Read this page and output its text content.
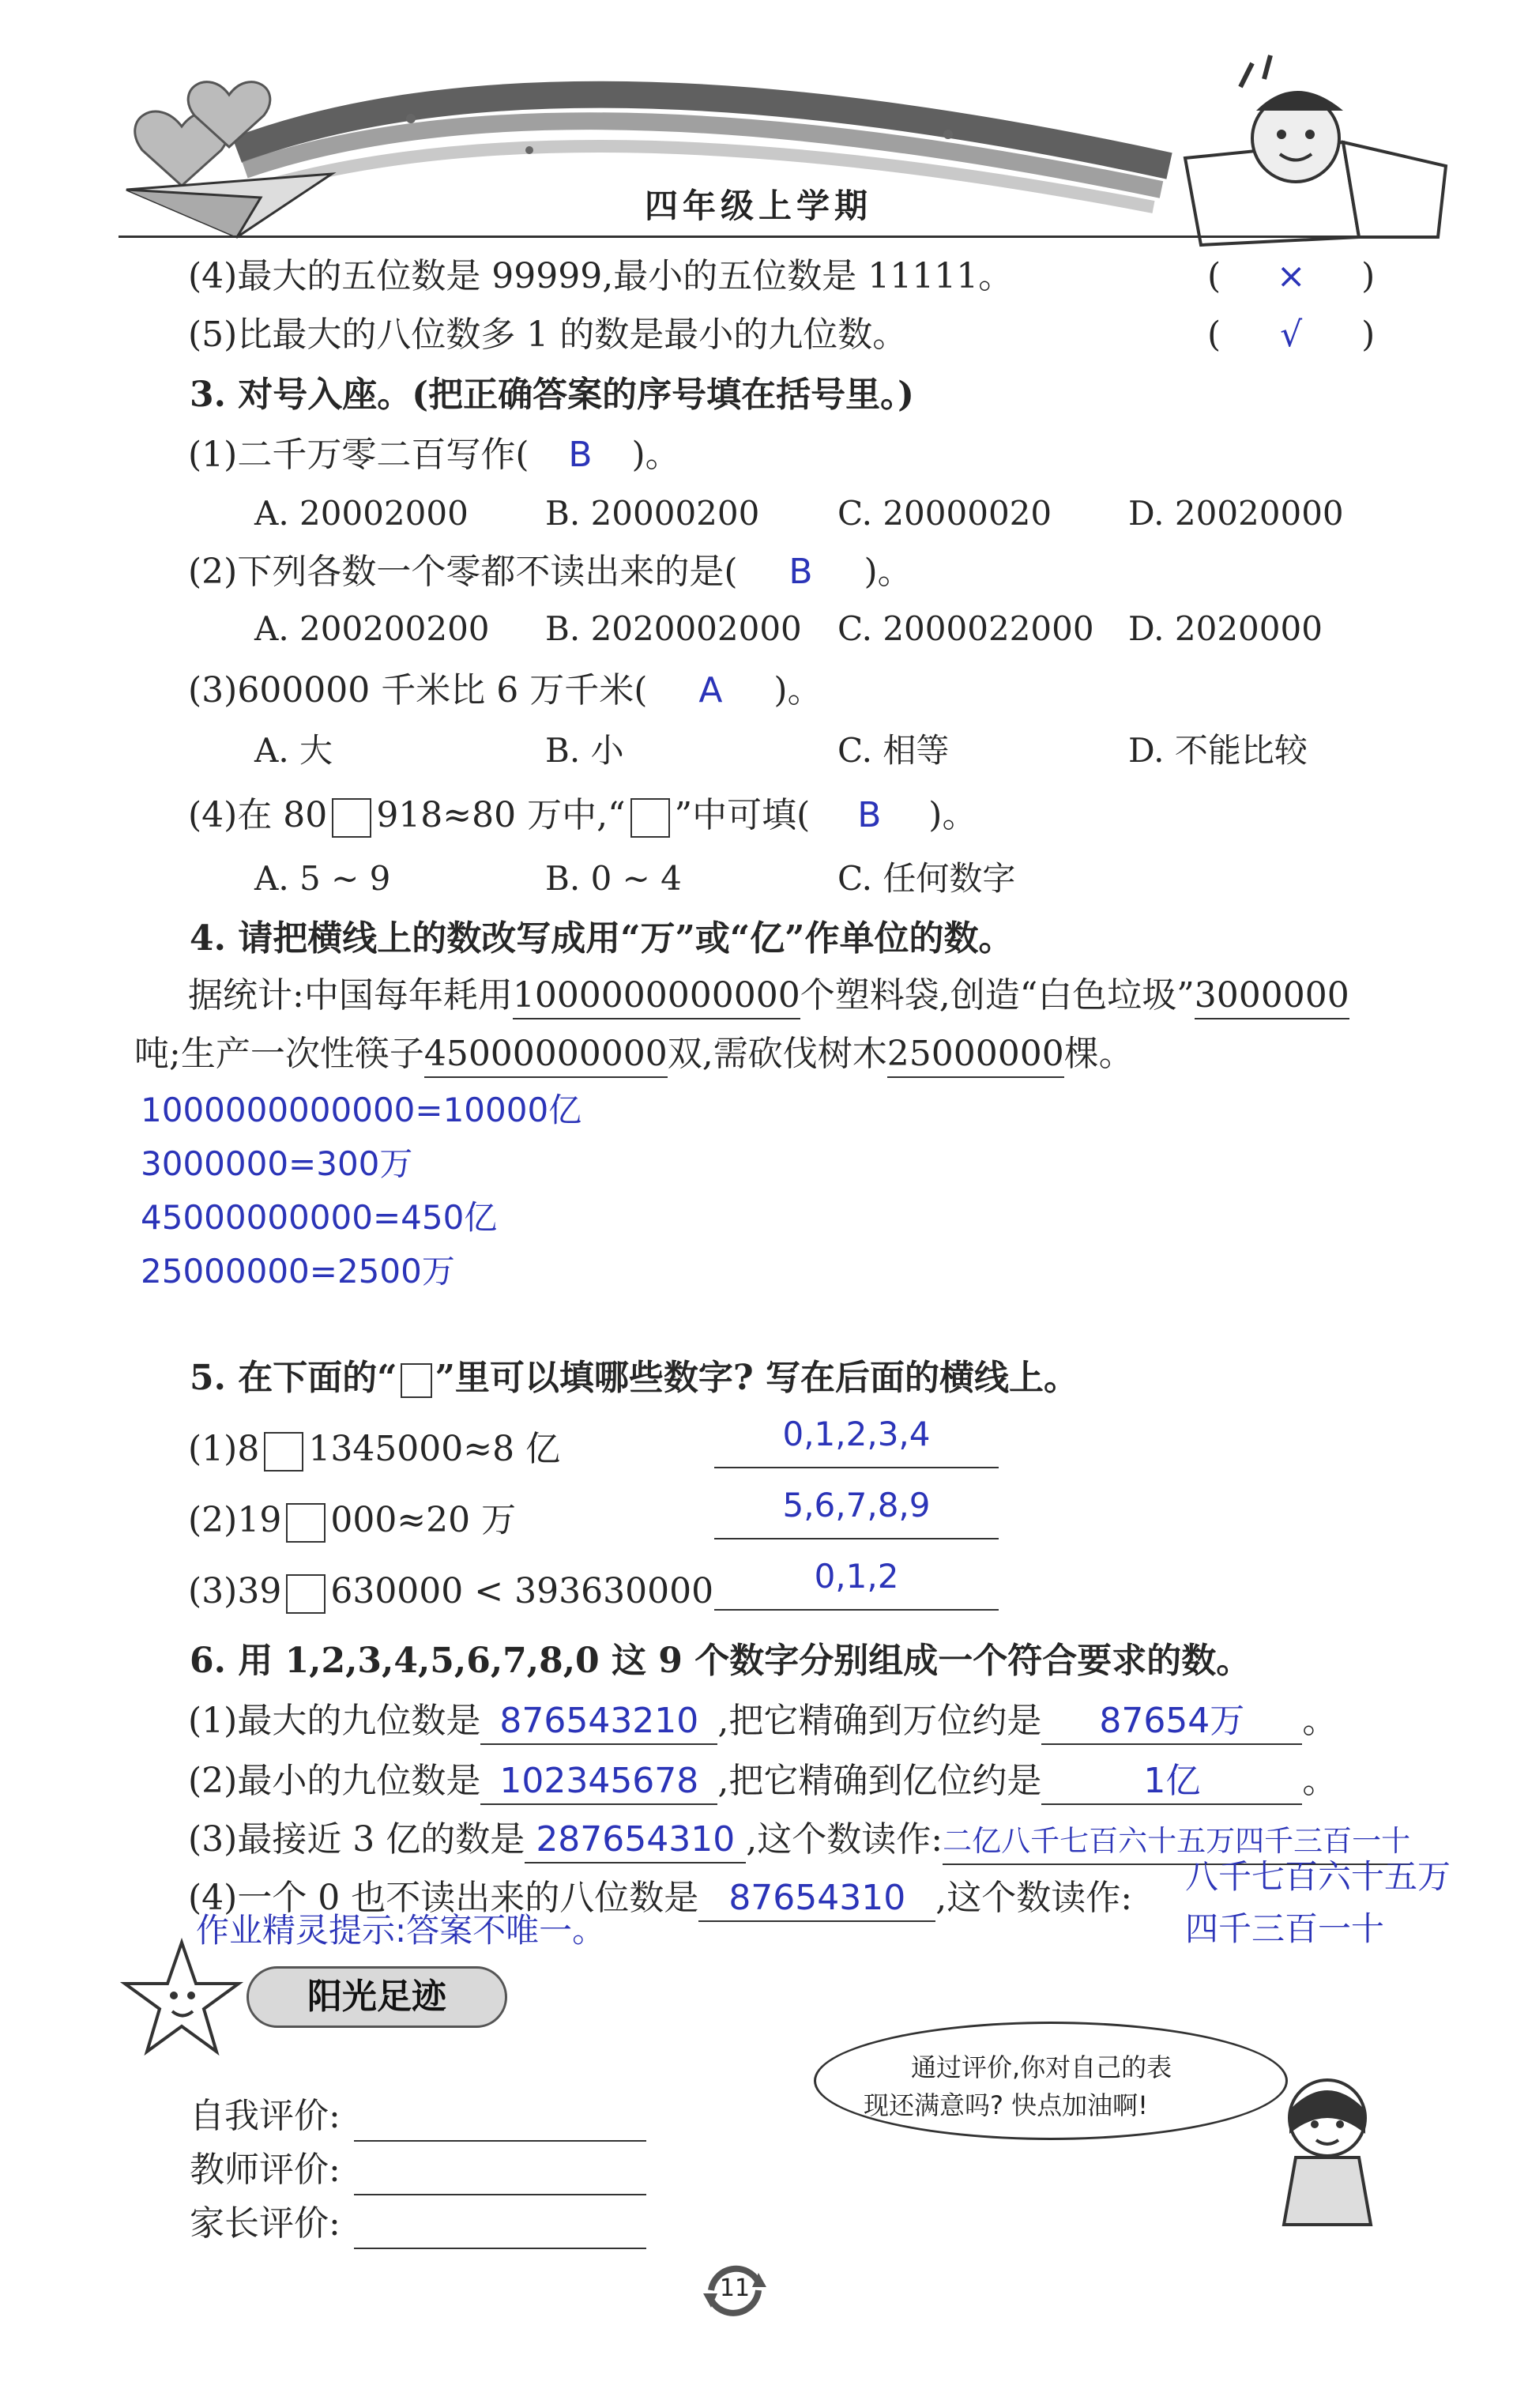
四年级上学期
(4)最大的五位数是 99999,最小的五位数是 11111。	( × )
(5)比最大的八位数多 1 的数是最小的九位数。	( √ )
3. 对号入座。(把正确答案的序号填在括号里。)
(1)二千万零二百写作( B )。
A. 20002000 B. 20000200 C. 20000020 D. 20020000
(2)下列各数一个零都不读出来的是( B )。
A. 200200200 B. 2020002000 C. 2000022000 D. 2020000
(3)600000 千米比 6 万千米( A )。
A. 大	B. 小	C. 相等	D. 不能比较
(4)在 80 918≈80 万中,“ ”中可填( B )。
A. 5 ~ 9	B. 0 ~ 4	C. 任何数字
4. 请把横线上的数改写成用“万”或“亿”作单位的数。
据统计:中国每年耗用1000000000000个塑料袋,创造“白色垃圾”3000000
吨;生产一次性筷子45000000000双,需砍伐树木25000000棵。
1000000000000=10000亿
3000000=300万
45000000000=450亿
25000000=2500万
5. 在下面的“ ”里可以填哪些数字? 写在后面的横线上。
(1)8 1345000≈8 亿	0,1,2,3,4
(2)19 000≈20 万	5,6,7,8,9
(3)39 630000 < 393630000	0,1,2
6. 用 1,2,3,4,5,6,7,8,0 这 9 个数字分别组成一个符合要求的数。
(1)最大的九位数是 876543210 ,把它精确到万位约是 87654万 。
(2)最小的九位数是 102345678 ,把它精确到亿位约是	1亿	。
(3)最接近 3 亿的数是 287654310 ,这个数读作:二亿八千七百六十五万四千三百一十
(4)一个 0 也不读出来的八位数是 87654310 ,这个数读作:
八千七百六十五万
四千三百一十
作业精灵提示:答案不唯一。
阳光足迹
通过评价,你对自己的表
现还满意吗? 快点加油啊!
自我评价:
教师评价:
家长评价:
11
